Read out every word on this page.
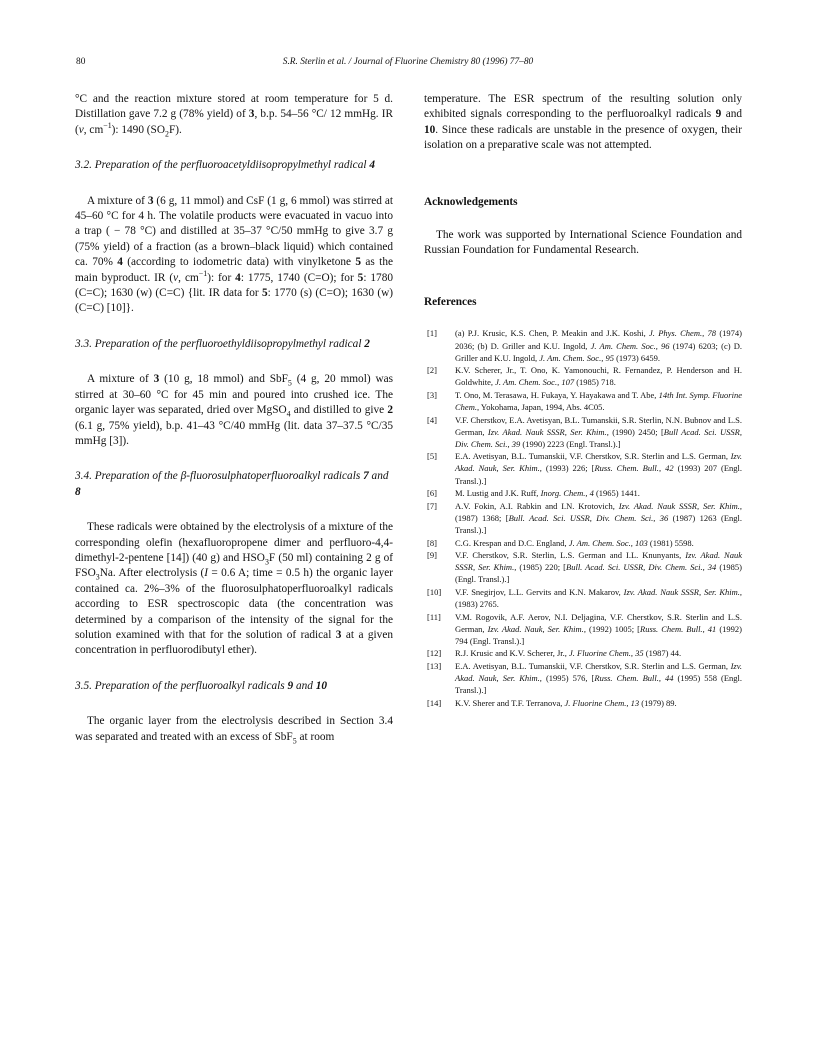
80	S.R. Sterlin et al. / Journal of Fluorine Chemistry 80 (1996) 77–80

°C and the reaction mixture stored at room temperature for 5 d. Distillation gave 7.2 g (78% yield) of 3, b.p. 54–56 °C/ 12 mmHg. IR (ν, $cm^{-1}$): 1490 $(SO_2F)$.

3.2. Preparation of the perfluoroacetyldiisopropylmethyl radical 4

A mixture of 3 (6 g, 11 mmol) and CsF (1 g, 6 mmol) was stirred at 45–60 °C for 4 h. The volatile products were evacuated in vacuo into a trap ( − 78 °C) and distilled at 35–37 °C/50 mmHg to give 3.7 g (75% yield) of a fraction (as a brown–black liquid) which contained ca. 70% 4 (according to iodometric data) with vinylketone 5 as the main byproduct. IR (ν, $cm^{-1}$): for 4: 1775, 1740 (C=O); for 5: 1780 (C=C); 1630 (w) (C=C) {lit. IR data for 5: 1770 (s) (C=O); 1630 (w) (C=C) [10]}.

3.3. Preparation of the perfluoroethyldiisopropylmethyl radical 2

A mixture of 3 (10 g, 18 mmol) and SbF$_5$ (4 g, 20 mmol) was stirred at 30–60 °C for 45 min and poured into crushed ice. The organic layer was separated, dried over MgSO$_4$ and distilled to give 2 (6.1 g, 75% yield), b.p. 41–43 °C/40 mmHg (lit. data 37–37.5 °C/35 mmHg [3]).

3.4. Preparation of the β-fluorosulphatoperfluoroalkyl radicals 7 and 8

These radicals were obtained by the electrolysis of a mixture of the corresponding olefin (hexafluoropropene dimer and perfluoro-4,4-dimethyl-2-pentene [14]) (40 g) and $HSO_3F$ (50 ml) containing 2 g of $FSO_3Na$. After electrolysis (I = 0.6 A; time = 0.5 h) the organic layer contained ca. 2%–3% of the fluorosulphatoperfluoroalkyl radicals according to ESR spectroscopic data (the concentration was determined by a comparison of the intensity of the signal for the solution examined with that for the solution of radical 3 at a given concentration in perfluorodibutyl ether).

3.5. Preparation of the perfluoroalkyl radicals 9 and 10

The organic layer from the electrolysis described in Section 3.4 was separated and treated with an excess of SbF$_5$ at room

temperature. The ESR spectrum of the resulting solution only exhibited signals corresponding to the perfluoroalkyl radicals 9 and 10. Since these radicals are unstable in the presence of oxygen, their isolation on a preparative scale was not attempted.

Acknowledgements

The work was supported by International Science Foundation and Russian Foundation for Fundamental Research.

References
[1] (a) P.J. Krusic, K.S. Chen, P. Meakin and J.K. Koshi, J. Phys. Chem., 78 (1974) 2036; (b) D. Griller and K.U. Ingold, J. Am. Chem. Soc., 96 (1974) 6203; (c) D. Griller and K.U. Ingold, J. Am. Chem. Soc., 95 (1973) 6459.
[2] K.V. Scherer, Jr., T. Ono, K. Yamonouchi, R. Fernandez, P. Henderson and H. Goldwhite, J. Am. Chem. Soc., 107 (1985) 718.
[3] T. Ono, M. Terasawa, H. Fukaya, Y. Hayakawa and T. Abe, 14th Int. Symp. Fluorine Chem., Yokohama, Japan, 1994, Abs. 4C05.
[4] V.F. Cherstkov, E.A. Avetisyan, B.L. Tumanskii, S.R. Sterlin, N.N. Bubnov and L.S. German, Izv. Akad. Nauk SSSR, Ser. Khim., (1990) 2450; [Bull Acad. Sci. USSR, Div. Chem. Sci., 39 (1990) 2223 (Engl. Transl.).]
[5] E.A. Avetisyan, B.L. Tumanskii, V.F. Cherstkov, S.R. Sterlin and L.S. German, Izv. Akad. Nauk, Ser. Khim., (1993) 226; [Russ. Chem. Bull., 42 (1993) 207 (Engl. Transl.).]
[6] M. Lustig and J.K. Ruff, Inorg. Chem., 4 (1965) 1441.
[7] A.V. Fokin, A.I. Rabkin and I.N. Krotovich, Izv. Akad. Nauk SSSR, Ser. Khim., (1987) 1368; [Bull. Acad. Sci. USSR, Div. Chem. Sci., 36 (1987) 1263 (Engl. Transl.).]
[8] C.G. Krespan and D.C. England, J. Am. Chem. Soc., 103 (1981) 5598.
[9] V.F. Cherstkov, S.R. Sterlin, L.S. German and I.L. Knunyants, Izv. Akad. Nauk SSSR, Ser. Khim., (1985) 220; [Bull. Acad. Sci. USSR, Div. Chem. Sci., 34 (1985) (Engl. Transl.).]
[10] V.F. Snegirjov, L.L. Gervits and K.N. Makarov, Izv. Akad. Nauk SSSR, Ser. Khim., (1983) 2765.
[11] V.M. Rogovik, A.F. Aerov, N.I. Deljagina, V.F. Cherstkov, S.R. Sterlin and L.S. German, Izv. Akad. Nauk, Ser. Khim., (1992) 1005; [Russ. Chem. Bull., 41 (1992) 794 (Engl. Transl.).]
[12] R.J. Krusic and K.V. Scherer, Jr., J. Fluorine Chem., 35 (1987) 44.
[13] E.A. Avetisyan, B.L. Tumanskii, V.F. Cherstkov, S.R. Sterlin and L.S. German, Izv. Akad. Nauk, Ser. Khim., (1995) 576, [Russ. Chem. Bull., 44 (1995) 558 (Engl. Transl.).]
[14] K.V. Sherer and T.F. Terranova, J. Fluorine Chem., 13 (1979) 89.
